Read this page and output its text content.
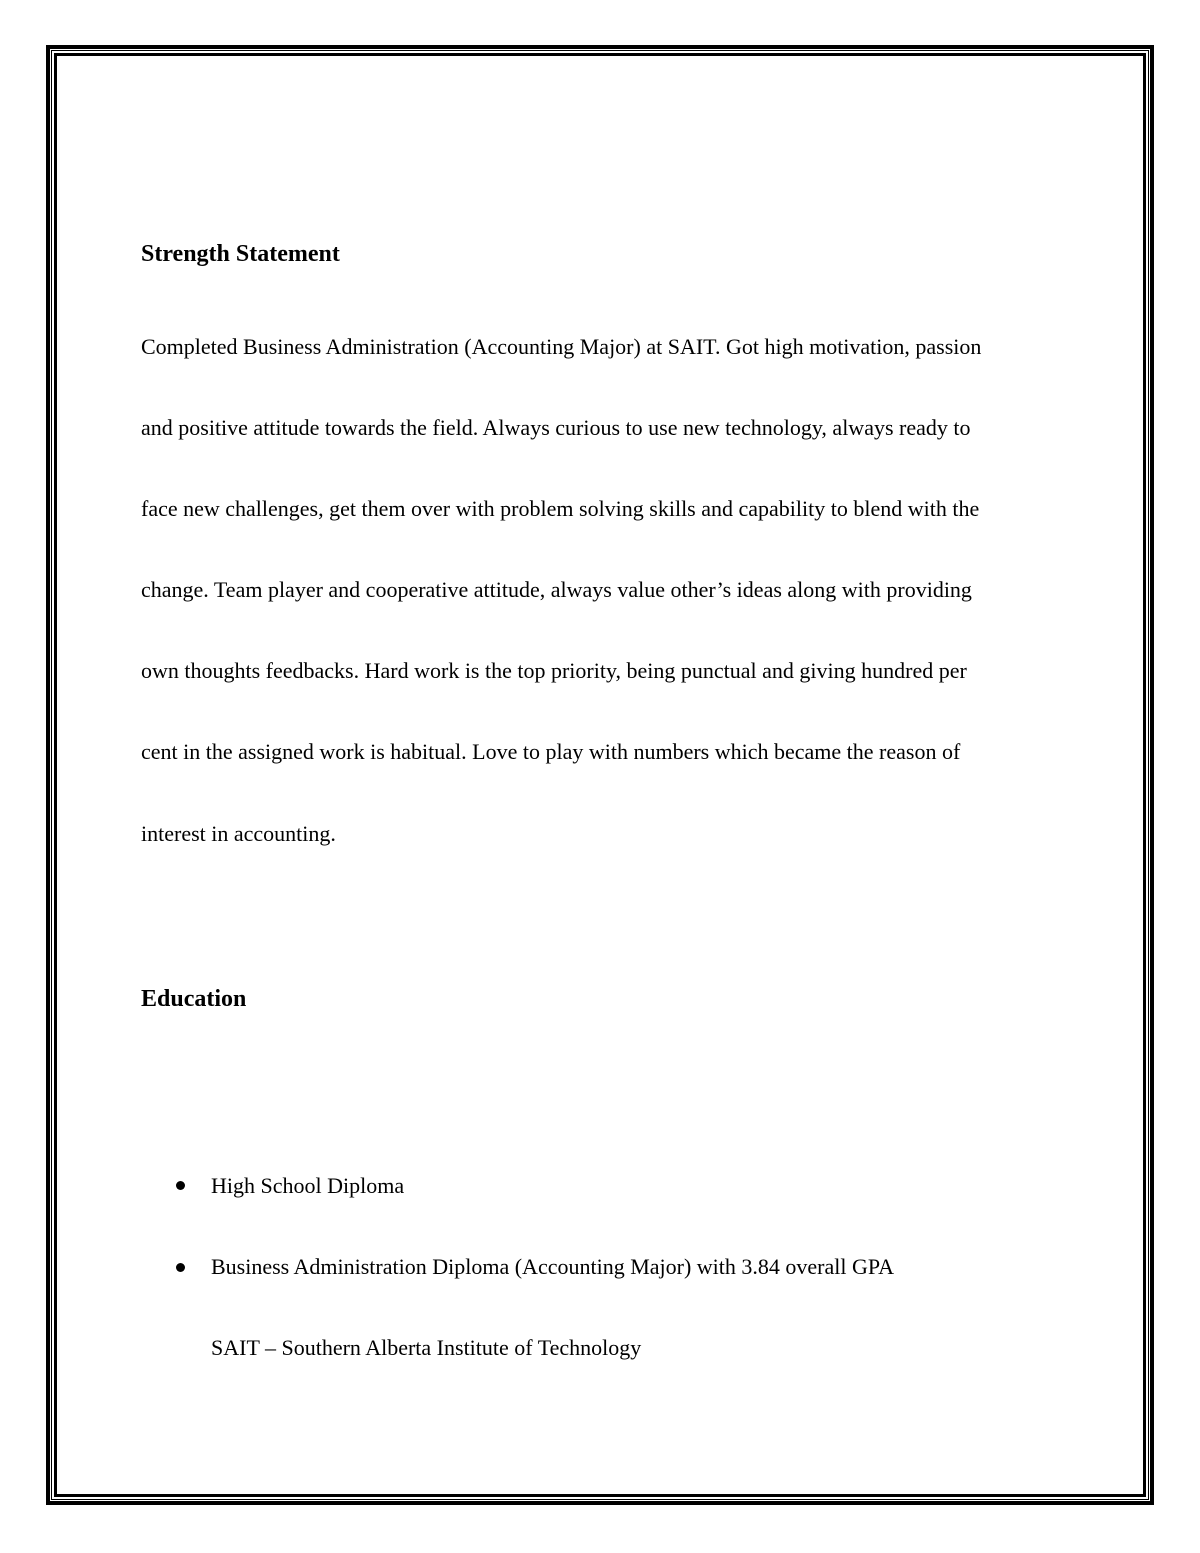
Strength Statement
Completed Business Administration (Accounting Major) at SAIT. Got high motivation, passion
and positive attitude towards the field. Always curious to use new technology, always ready to
face new challenges, get them over with problem solving skills and capability to blend with the
change. Team player and cooperative attitude, always value other’s ideas along with providing
own thoughts feedbacks. Hard work is the top priority, being punctual and giving hundred per
cent in the assigned work is habitual. Love to play with numbers which became the reason of
interest in accounting.
Education
High School Diploma
Business Administration Diploma (Accounting Major) with 3.84 overall GPA
SAIT – Southern Alberta Institute of Technology
